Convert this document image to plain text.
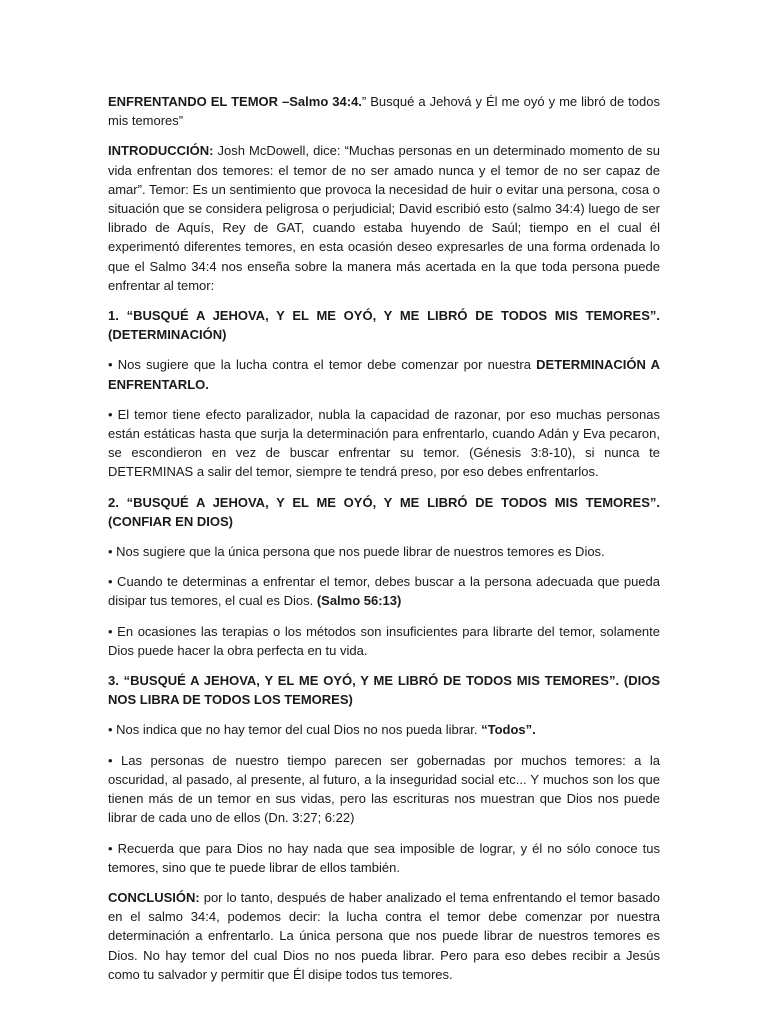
ENFRENTANDO EL TEMOR –Salmo 34:4.” Busqué a Jehová y Él me oyó y me libró de todos mis temores”

INTRODUCCIÓN: Josh McDowell, dice: “Muchas personas en un determinado momento de su vida enfrentan dos temores: el temor de no ser amado nunca y el temor de no ser capaz de amar”. Temor: Es un sentimiento que provoca la necesidad de huir o evitar una persona, cosa o situación que se considera peligrosa o perjudicial; David escribió esto (salmo 34:4) luego de ser librado de Aquís, Rey de GAT, cuando estaba huyendo de Saúl; tiempo en el cual él experimentó diferentes temores, en esta ocasión deseo expresarles de una forma ordenada lo que el Salmo 34:4 nos enseña sobre la manera más acertada en la que toda persona puede enfrentar al temor:

1. “BUSQUÉ A JEHOVA, Y EL ME OYÓ, Y ME LIBRÓ DE TODOS MIS TEMORES”. (DETERMINACIÓN)

• Nos sugiere que la lucha contra el temor debe comenzar por nuestra DETERMINACIÓN A ENFRENTARLO.

• El temor tiene efecto paralizador, nubla la capacidad de razonar, por eso muchas personas están estáticas hasta que surja la determinación para enfrentarlo, cuando Adán y Eva pecaron, se escondieron en vez de buscar enfrentar su temor. (Génesis 3:8-10), si nunca te DETERMINAS a salir del temor, siempre te tendrá preso, por eso debes enfrentarlos.

2. “BUSQUÉ A JEHOVA, Y EL ME OYÓ, Y ME LIBRÓ DE TODOS MIS TEMORES”. (CONFIAR EN DIOS)

• Nos sugiere que la única persona que nos puede librar de nuestros temores es Dios.

• Cuando te determinas a enfrentar el temor, debes buscar a la persona adecuada que pueda disipar tus temores, el cual es Dios. (Salmo 56:13)

• En ocasiones las terapias o los métodos son insuficientes para librarte del temor, solamente Dios puede hacer la obra perfecta en tu vida.

3. “BUSQUÉ A JEHOVA, Y EL ME OYÓ, Y ME LIBRÓ DE TODOS MIS TEMORES”. (DIOS NOS LIBRA DE TODOS LOS TEMORES)

• Nos indica que no hay temor del cual Dios no nos pueda librar. “Todos”.

• Las personas de nuestro tiempo parecen ser gobernadas por muchos temores: a la oscuridad, al pasado, al presente, al futuro, a la inseguridad social etc... Y muchos son los que tienen más de un temor en sus vidas, pero las escrituras nos muestran que Dios nos puede librar de cada uno de ellos (Dn. 3:27; 6:22)

• Recuerda que para Dios no hay nada que sea imposible de lograr, y él no sólo conoce tus temores, sino que te puede librar de ellos también.

CONCLUSIÓN: por lo tanto, después de haber analizado el tema enfrentando el temor basado en el salmo 34:4, podemos decir: la lucha contra el temor debe comenzar por nuestra determinación a enfrentarlo. La única persona que nos puede librar de nuestros temores es Dios. No hay temor del cual Dios no nos pueda librar. Pero para eso debes recibir a Jesús como tu salvador y permitir que Él disipe todos tus temores.
